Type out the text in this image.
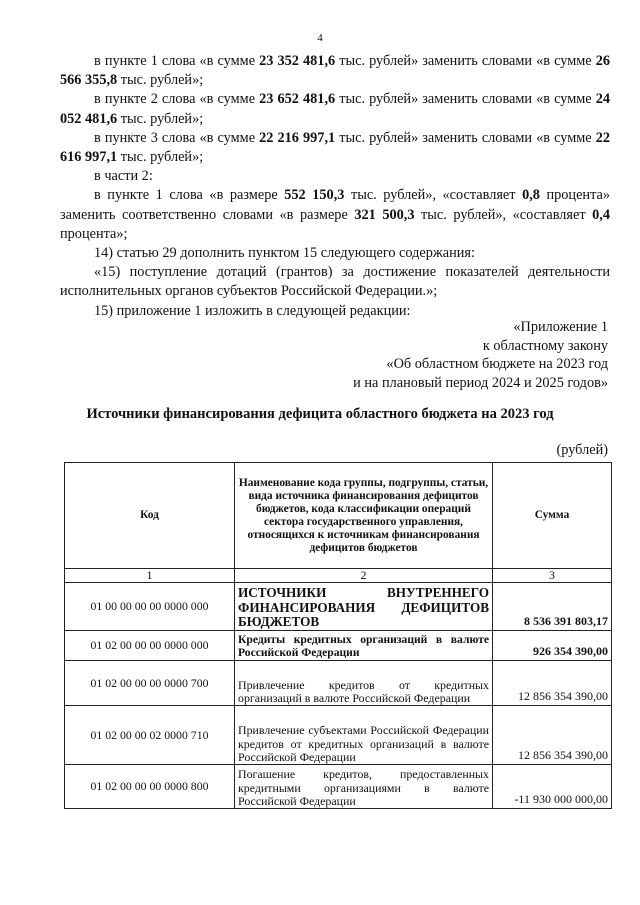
4

в пункте 1 слова «в сумме 23 352 481,6 тыс. рублей» заменить словами «в сумме 26 566 355,8 тыс. рублей»;

в пункте 2 слова «в сумме 23 652 481,6 тыс. рублей» заменить словами «в сумме 24 052 481,6 тыс. рублей»;

в пункте 3 слова «в сумме 22 216 997,1 тыс. рублей» заменить словами «в сумме 22 616 997,1 тыс. рублей»;

в части 2:

в пункте 1 слова «в размере 552 150,3 тыс. рублей», «составляет 0,8 процента» заменить соответственно словами «в размере 321 500,3 тыс. рублей», «составляет 0,4 процента»;

14) статью 29 дополнить пунктом 15 следующего содержания:

«15) поступление дотаций (грантов) за достижение показателей деятельности исполнительных органов субъектов Российской Федерации.»;

15) приложение 1 изложить в следующей редакции:

«Приложение 1
к областному закону
«Об областном бюджете на 2023 год
и на плановый период 2024 и 2025 годов»
Источники финансирования дефицита областного бюджета на 2023 год
(рублей)
Код	Наименование кода группы, подгруппы, статьи, вида источника финансирования дефицитов бюджетов, кода классификации операций сектора государственного управления, относящихся к источникам финансирования дефицитов бюджетов	Сумма
1	2	3
01 00 00 00 00 0000 000	ИСТОЧНИКИ ВНУТРЕННЕГО ФИНАНСИРОВАНИЯ ДЕФИЦИТОВ БЮДЖЕТОВ	8 536 391 803,17
01 02 00 00 00 0000 000	Кредиты кредитных организаций в валюте Российской Федерации	926 354 390,00
01 02 00 00 00 0000 700	Привлечение кредитов от кредитных организаций в валюте Российской Федерации	12 856 354 390,00
01 02 00 00 02 0000 710	Привлечение субъектами Российской Федерации кредитов от кредитных организаций в валюте Российской Федерации	12 856 354 390,00
01 02 00 00 00 0000 800	Погашение кредитов, предоставленных кредитными организациями в валюте Российской Федерации	-11 930 000 000,00
